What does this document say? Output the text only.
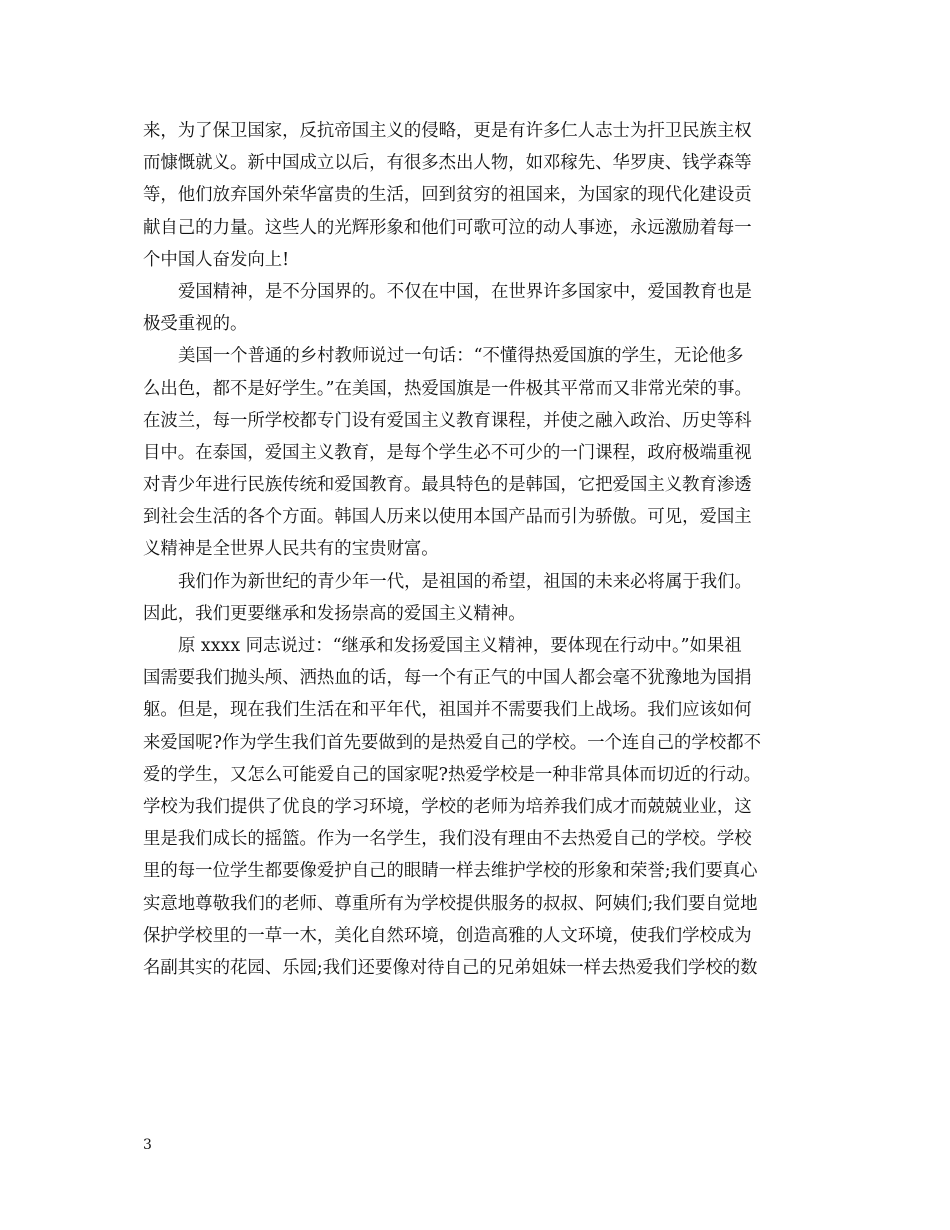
来，为了保卫国家，反抗帝国主义的侵略，更是有许多仁人志士为扞卫民族主权
而慷慨就义。新中国成立以后，有很多杰出人物，如邓稼先、华罗庚、钱学森等
等，他们放弃国外荣华富贵的生活，回到贫穷的祖国来，为国家的现代化建设贡
献自己的力量。这些人的光辉形象和他们可歌可泣的动人事迹，永远激励着每一
个中国人奋发向上!
爱国精神，是不分国界的。不仅在中国，在世界许多国家中，爱国教育也是
极受重视的。
美国一个普通的乡村教师说过一句话：“不懂得热爱国旗的学生，无论他多
么出色，都不是好学生。”在美国，热爱国旗是一件极其平常而又非常光荣的事。
在波兰，每一所学校都专门设有爱国主义教育课程，并使之融入政治、历史等科
目中。在泰国，爱国主义教育，是每个学生必不可少的一门课程，政府极端重视
对青少年进行民族传统和爱国教育。最具特色的是韩国，它把爱国主义教育渗透
到社会生活的各个方面。韩国人历来以使用本国产品而引为骄傲。可见，爱国主
义精神是全世界人民共有的宝贵财富。
我们作为新世纪的青少年一代，是祖国的希望，祖国的未来必将属于我们。
因此，我们更要继承和发扬崇高的爱国主义精神。
原 xxxx 同志说过：“继承和发扬爱国主义精神，要体现在行动中。”如果祖
国需要我们抛头颅、洒热血的话，每一个有正气的中国人都会毫不犹豫地为国捐
躯。但是，现在我们生活在和平年代，祖国并不需要我们上战场。我们应该如何
来爱国呢?作为学生我们首先要做到的是热爱自己的学校。一个连自己的学校都不
爱的学生，又怎么可能爱自己的国家呢?热爱学校是一种非常具体而切近的行动。
学校为我们提供了优良的学习环境，学校的老师为培养我们成才而兢兢业业，这
里是我们成长的摇篮。作为一名学生，我们没有理由不去热爱自己的学校。学校
里的每一位学生都要像爱护自己的眼睛一样去维护学校的形象和荣誉;我们要真心
实意地尊敬我们的老师、尊重所有为学校提供服务的叔叔、阿姨们;我们要自觉地
保护学校里的一草一木，美化自然环境，创造高雅的人文环境，使我们学校成为
名副其实的花园、乐园;我们还要像对待自己的兄弟姐妹一样去热爱我们学校的数
3
